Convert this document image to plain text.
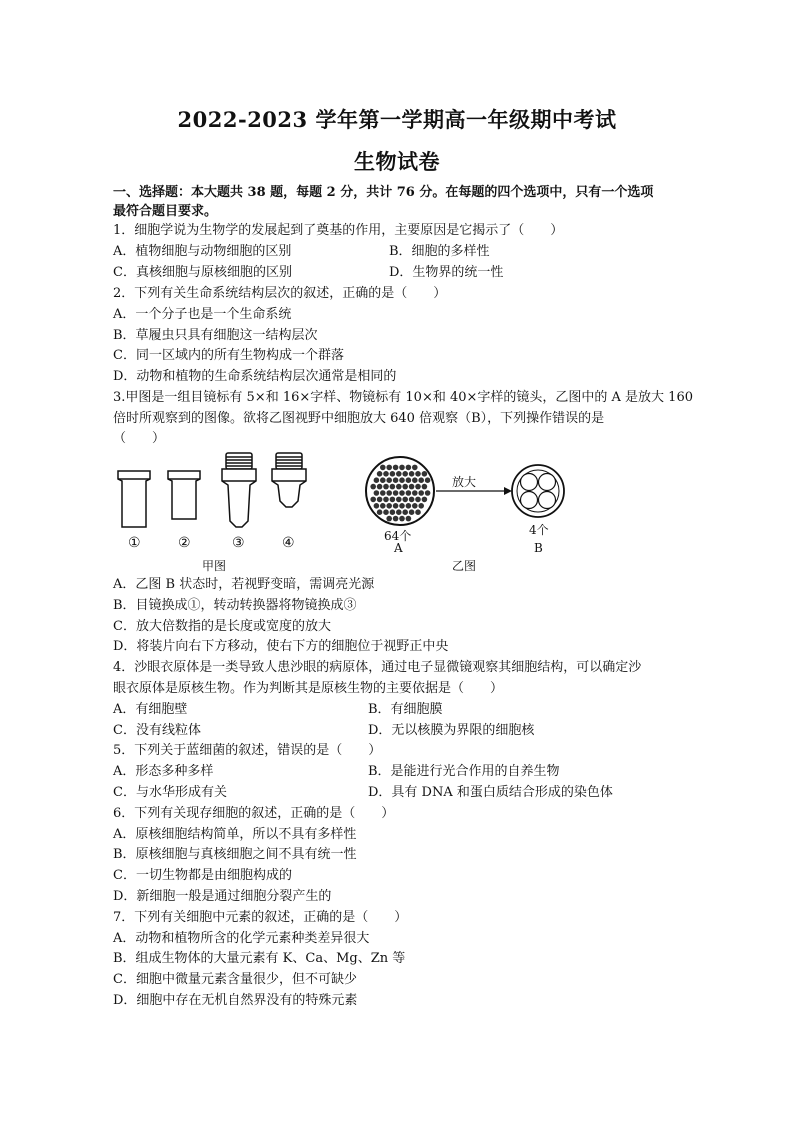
2022-2023 学年第一学期高一年级期中考试
生物试卷
一、选择题：本大题共 38 题，每题 2 分，共计 76 分。在每题的四个选项中，只有一个选项
最符合题目要求。
1．细胞学说为生物学的发展起到了奠基的作用，主要原因是它揭示了（　　）
A．植物细胞与动物细胞的区别	B．细胞的多样性
C．真核细胞与原核细胞的区别	D．生物界的统一性
2．下列有关生命系统结构层次的叙述，正确的是（　　）
A．一个分子也是一个生命系统
B．草履虫只具有细胞这一结构层次
C．同一区域内的所有生物构成一个群落
D．动物和植物的生命系统结构层次通常是相同的
3.甲图是一组目镜标有 5×和 16×字样、物镜标有 10×和 40×字样的镜头，乙图中的 A 是放大 160
倍时所观察到的图像。欲将乙图视野中细胞放大 640 倍观察（B），下列操作错误的是
（　　）
①	②	③	④
甲图
放大
64个
A
4个
B
乙图
A．乙图 B 状态时，若视野变暗，需调亮光源
B．目镜换成①，转动转换器将物镜换成③
C．放大倍数指的是长度或宽度的放大
D．将装片向右下方移动，使右下方的细胞位于视野正中央
4．沙眼衣原体是一类导致人患沙眼的病原体，通过电子显微镜观察其细胞结构，可以确定沙
眼衣原体是原核生物。作为判断其是原核生物的主要依据是（　　）
A．有细胞壁	B．有细胞膜
C．没有线粒体	D．无以核膜为界限的细胞核
5．下列关于蓝细菌的叙述，错误的是（　　）
A．形态多种多样	B．是能进行光合作用的自养生物
C．与水华形成有关	D．具有 DNA 和蛋白质结合形成的染色体
6．下列有关现存细胞的叙述，正确的是（　　）
A．原核细胞结构简单，所以不具有多样性
B．原核细胞与真核细胞之间不具有统一性
C．一切生物都是由细胞构成的
D．新细胞一般是通过细胞分裂产生的
7．下列有关细胞中元素的叙述，正确的是（　　）
A．动物和植物所含的化学元素种类差异很大
B．组成生物体的大量元素有 K、Ca、Mg、Zn 等
C．细胞中微量元素含量很少，但不可缺少
D．细胞中存在无机自然界没有的特殊元素
